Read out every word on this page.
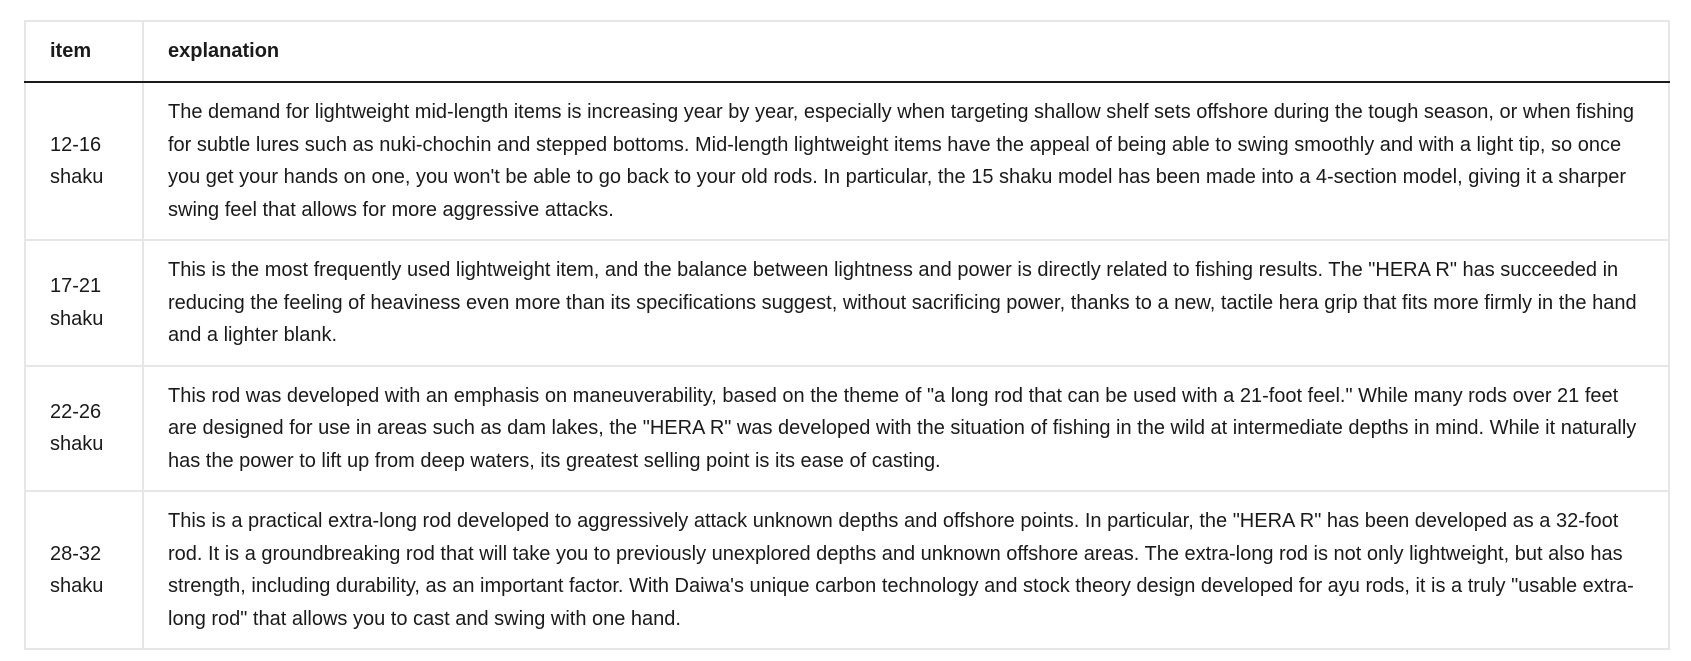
item	explanation
12-16
shaku	The demand for lightweight mid-length items is increasing year by year, especially when targeting shallow shelf sets offshore during the tough season, or when fishing for subtle lures such as nuki-chochin and stepped bottoms. Mid-length lightweight items have the appeal of being able to swing smoothly and with a light tip, so once you get your hands on one, you won't be able to go back to your old rods. In particular, the 15 shaku model has been made into a 4-section model, giving it a sharper swing feel that allows for more aggressive attacks.
17-21
shaku	This is the most frequently used lightweight item, and the balance between lightness and power is directly related to fishing results. The "HERA R" has succeeded in reducing the feeling of heaviness even more than its specifications suggest, without sacrificing power, thanks to a new, tactile hera grip that fits more firmly in the hand and a lighter blank.
22-26
shaku	This rod was developed with an emphasis on maneuverability, based on the theme of "a long rod that can be used with a 21-foot feel." While many rods over 21 feet are designed for use in areas such as dam lakes, the "HERA R" was developed with the situation of fishing in the wild at intermediate depths in mind. While it naturally has the power to lift up from deep waters, its greatest selling point is its ease of casting.
28-32
shaku	This is a practical extra-long rod developed to aggressively attack unknown depths and offshore points. In particular, the "HERA R" has been developed as a 32-foot rod. It is a groundbreaking rod that will take you to previously unexplored depths and unknown offshore areas. The extra-long rod is not only lightweight, but also has strength, including durability, as an important factor. With Daiwa's unique carbon technology and stock theory design developed for ayu rods, it is a truly "usable extra-long rod" that allows you to cast and swing with one hand.
